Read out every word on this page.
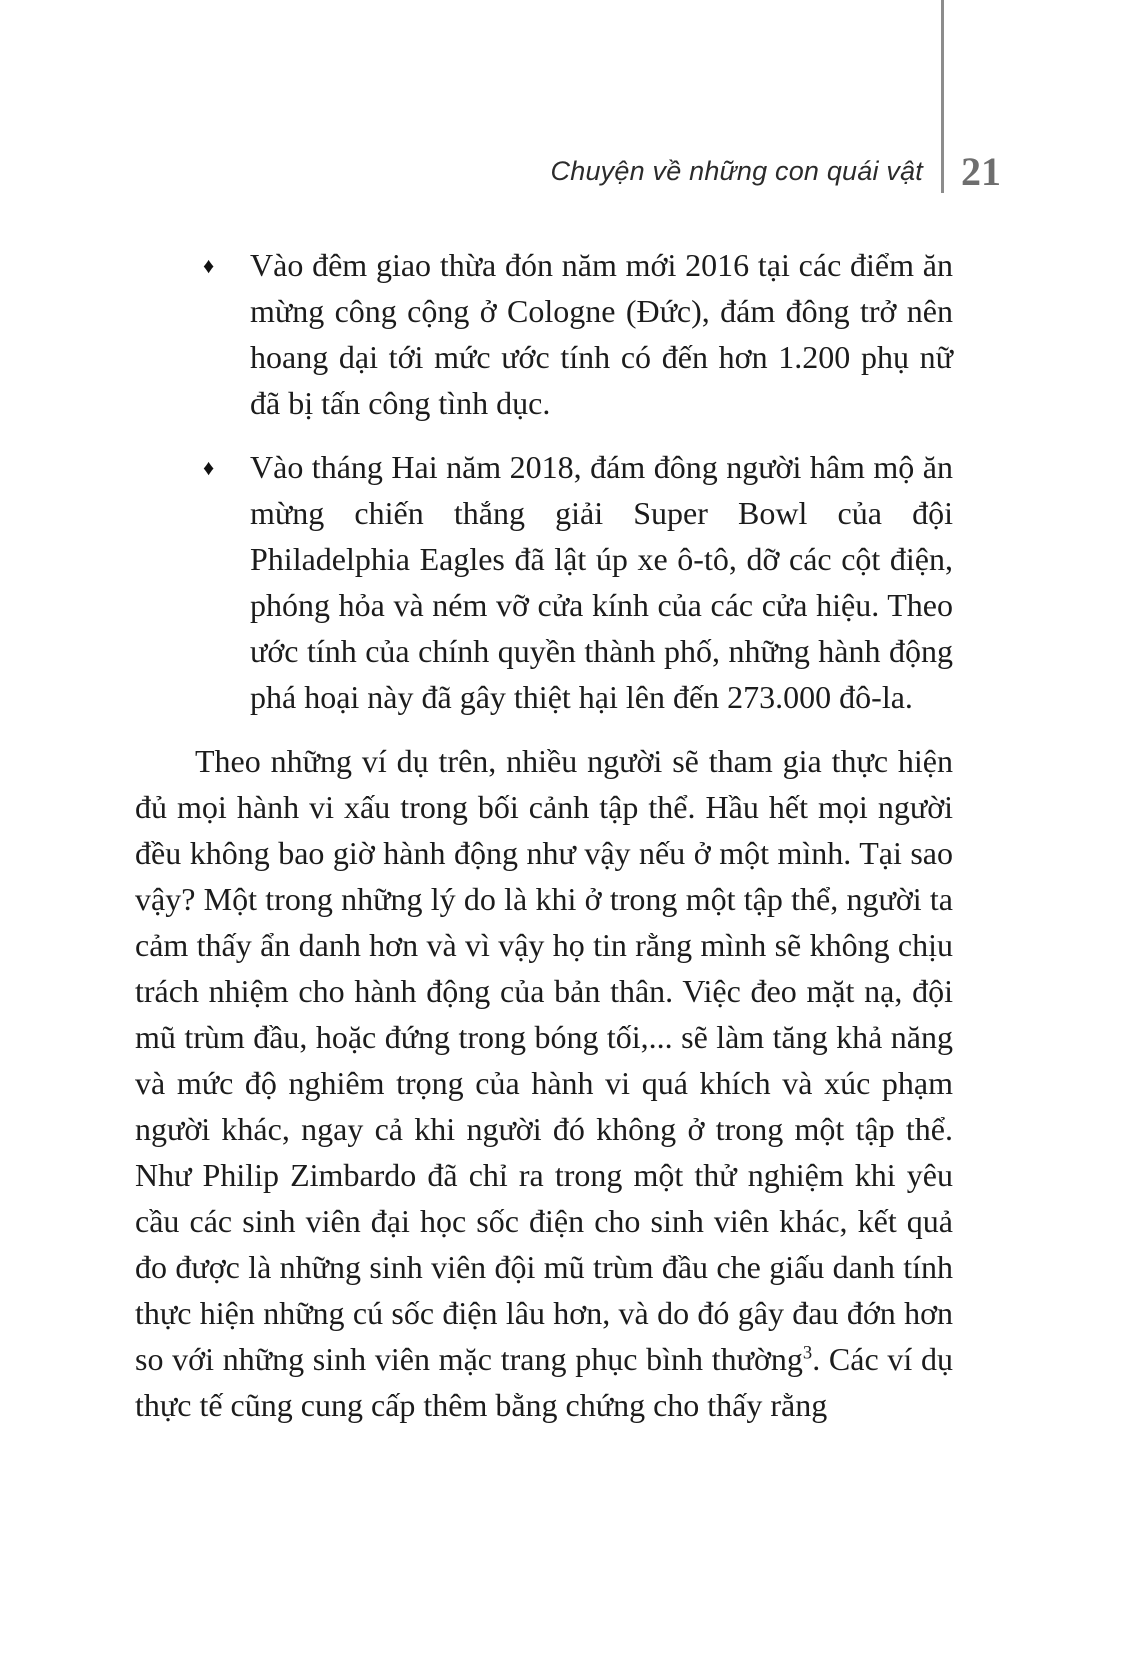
Chuyện về những con quái vật 21
♦ Vào đêm giao thừa đón năm mới 2016 tại các điểm ăn mừng công cộng ở Cologne (Đức), đám đông trở nên hoang dại tới mức ước tính có đến hơn 1.200 phụ nữ đã bị tấn công tình dục.
♦ Vào tháng Hai năm 2018, đám đông người hâm mộ ăn mừng chiến thắng giải Super Bowl của đội Philadelphia Eagles đã lật úp xe ô-tô, dỡ các cột điện, phóng hỏa và ném vỡ cửa kính của các cửa hiệu. Theo ước tính của chính quyền thành phố, những hành động phá hoại này đã gây thiệt hại lên đến 273.000 đô-la.

Theo những ví dụ trên, nhiều người sẽ tham gia thực hiện đủ mọi hành vi xấu trong bối cảnh tập thể. Hầu hết mọi người đều không bao giờ hành động như vậy nếu ở một mình. Tại sao vậy? Một trong những lý do là khi ở trong một tập thể, người ta cảm thấy ẩn danh hơn và vì vậy họ tin rằng mình sẽ không chịu trách nhiệm cho hành động của bản thân. Việc đeo mặt nạ, đội mũ trùm đầu, hoặc đứng trong bóng tối,... sẽ làm tăng khả năng và mức độ nghiêm trọng của hành vi quá khích và xúc phạm người khác, ngay cả khi người đó không ở trong một tập thể. Như Philip Zimbardo đã chỉ ra trong một thử nghiệm khi yêu cầu các sinh viên đại học sốc điện cho sinh viên khác, kết quả đo được là những sinh viên đội mũ trùm đầu che giấu danh tính thực hiện những cú sốc điện lâu hơn, và do đó gây đau đớn hơn so với những sinh viên mặc trang phục bình thường$^3$. Các ví dụ thực tế cũng cung cấp thêm bằng chứng cho thấy rằng
